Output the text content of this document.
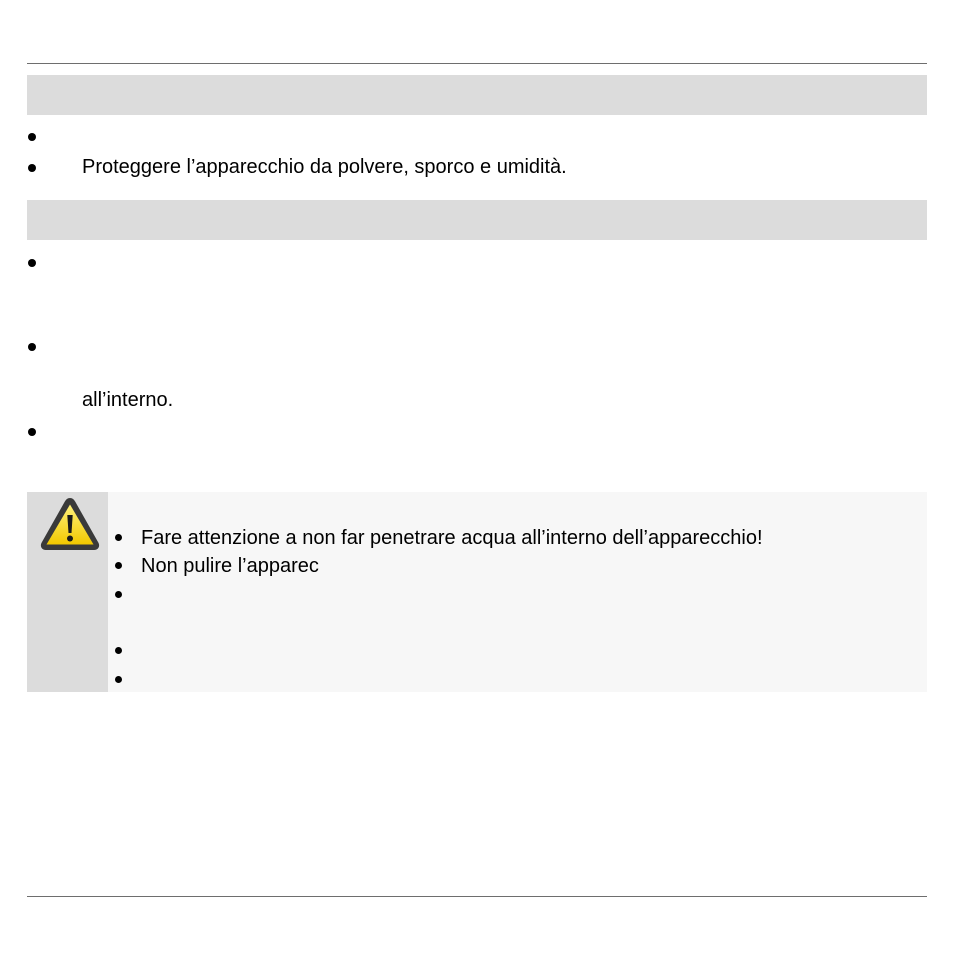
Proteggere l’apparecchio da polvere, sporco e umidità.
all’interno.
Fare attenzione a non far penetrare acqua all’interno dell’apparecchio!
Non pulire l’apparec
